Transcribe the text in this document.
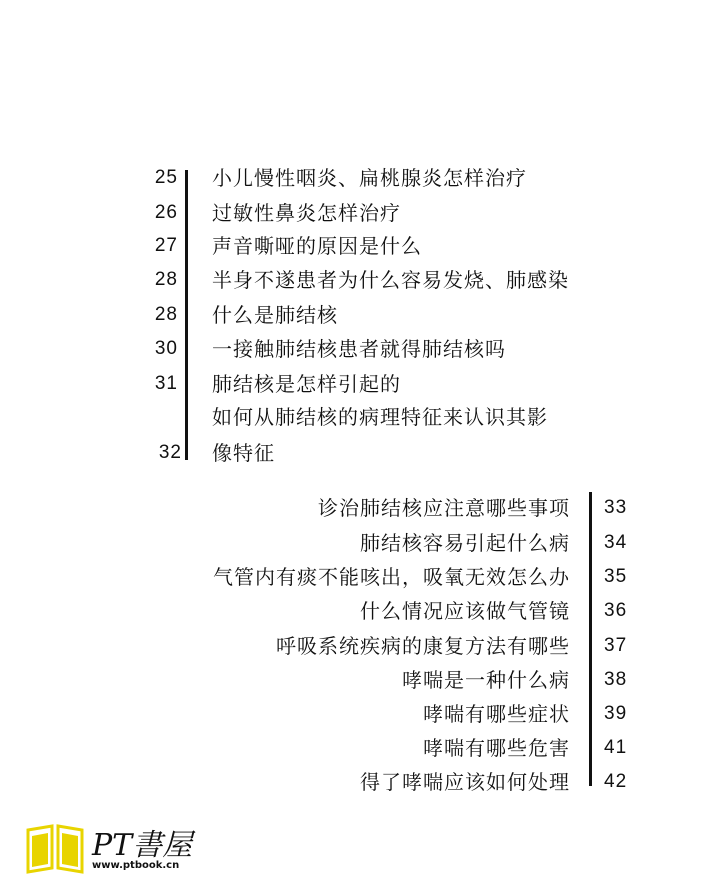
25 小儿慢性咽炎、扁桃腺炎怎样治疗
26 过敏性鼻炎怎样治疗
27 声音嘶哑的原因是什么
28 半身不遂患者为什么容易发烧、肺感染
28 什么是肺结核
30 一接触肺结核患者就得肺结核吗
31 肺结核是怎样引起的
如何从肺结核的病理特征来认识其影
32 像特征
诊治肺结核应注意哪些事项 33
肺结核容易引起什么病 34
气管内有痰不能咳出，吸氧无效怎么办 35
什么情况应该做气管镜 36
呼吸系统疾病的康复方法有哪些 37
哮喘是一种什么病 38
哮喘有哪些症状 39
哮喘有哪些危害 41
得了哮喘应该如何处理 42
PT書屋
www.ptbook.cn
